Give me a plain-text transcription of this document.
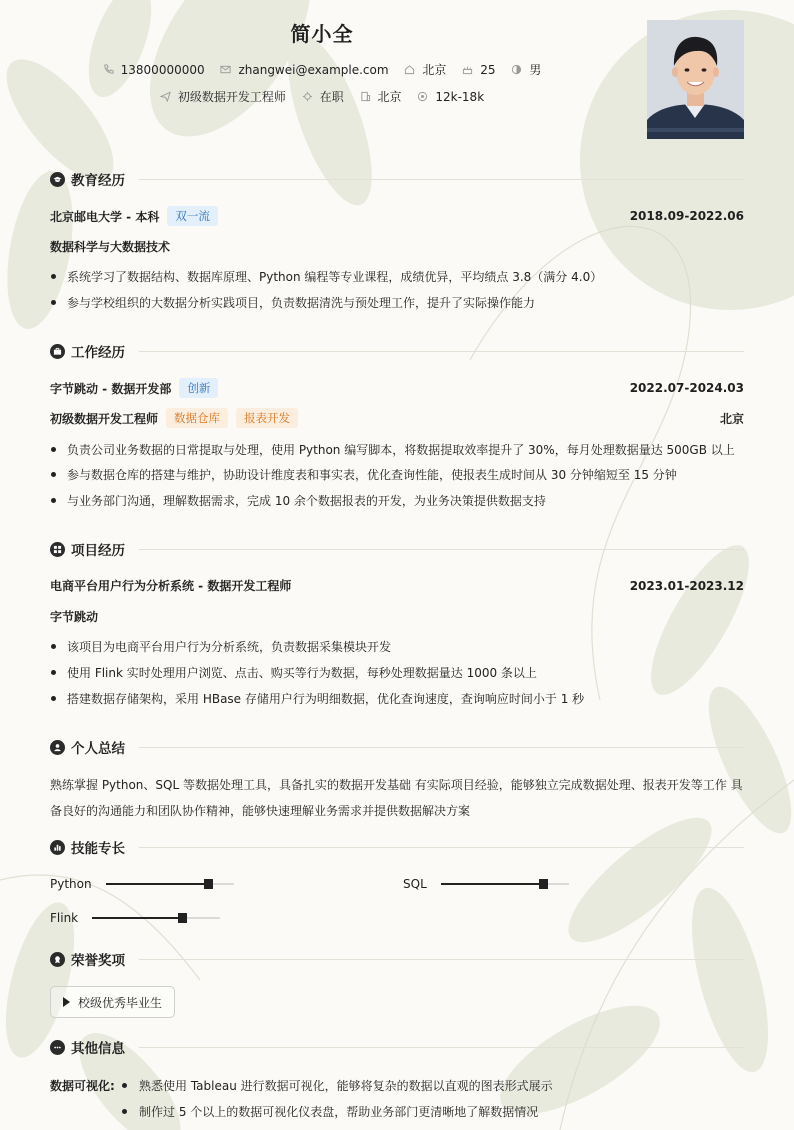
简小全
13800000000
	zhangwei@example.com
	北京
	25
	男
初级数据开发工程师
	在职
	北京
	12k-18k
教育经历
北京邮电大学 - 本科	双一流	2018.09-2022.06
数据科学与大数据技术
系统学习了数据结构、数据库原理、Python 编程等专业课程，成绩优异，平均绩点 3.8（满分 4.0）
参与学校组织的大数据分析实践项目，负责数据清洗与预处理工作，提升了实际操作能力
工作经历
字节跳动 - 数据开发部	创新	2022.07-2024.03
初级数据开发工程师	数据仓库	报表开发	北京
负责公司业务数据的日常提取与处理，使用 Python 编写脚本，将数据提取效率提升了 30%，每月处理数据量达 500GB 以上
参与数据仓库的搭建与维护，协助设计维度表和事实表，优化查询性能，使报表生成时间从 30 分钟缩短至 15 分钟
与业务部门沟通，理解数据需求，完成 10 余个数据报表的开发，为业务决策提供数据支持
项目经历
电商平台用户行为分析系统 - 数据开发工程师	2023.01-2023.12
字节跳动
该项目为电商平台用户行为分析系统，负责数据采集模块开发
使用 Flink 实时处理用户浏览、点击、购买等行为数据，每秒处理数据量达 1000 条以上
搭建数据存储架构，采用 HBase 存储用户行为明细数据，优化查询速度，查询响应时间小于 1 秒
个人总结
熟练掌握 Python、SQL 等数据处理工具，具备扎实的数据开发基础 有实际项目经验，能够独立完成数据处理、报表开发等工作 具备良好的沟通能力和团队协作精神，能够快速理解业务需求并提供数据解决方案
技能专长
Python	SQL
Flink
荣誉奖项
校级优秀毕业生
其他信息
数据可视化: 熟悉使用 Tableau 进行数据可视化，能够将复杂的数据以直观的图表形式展示
制作过 5 个以上的数据可视化仪表盘，帮助业务部门更清晰地了解数据情况
